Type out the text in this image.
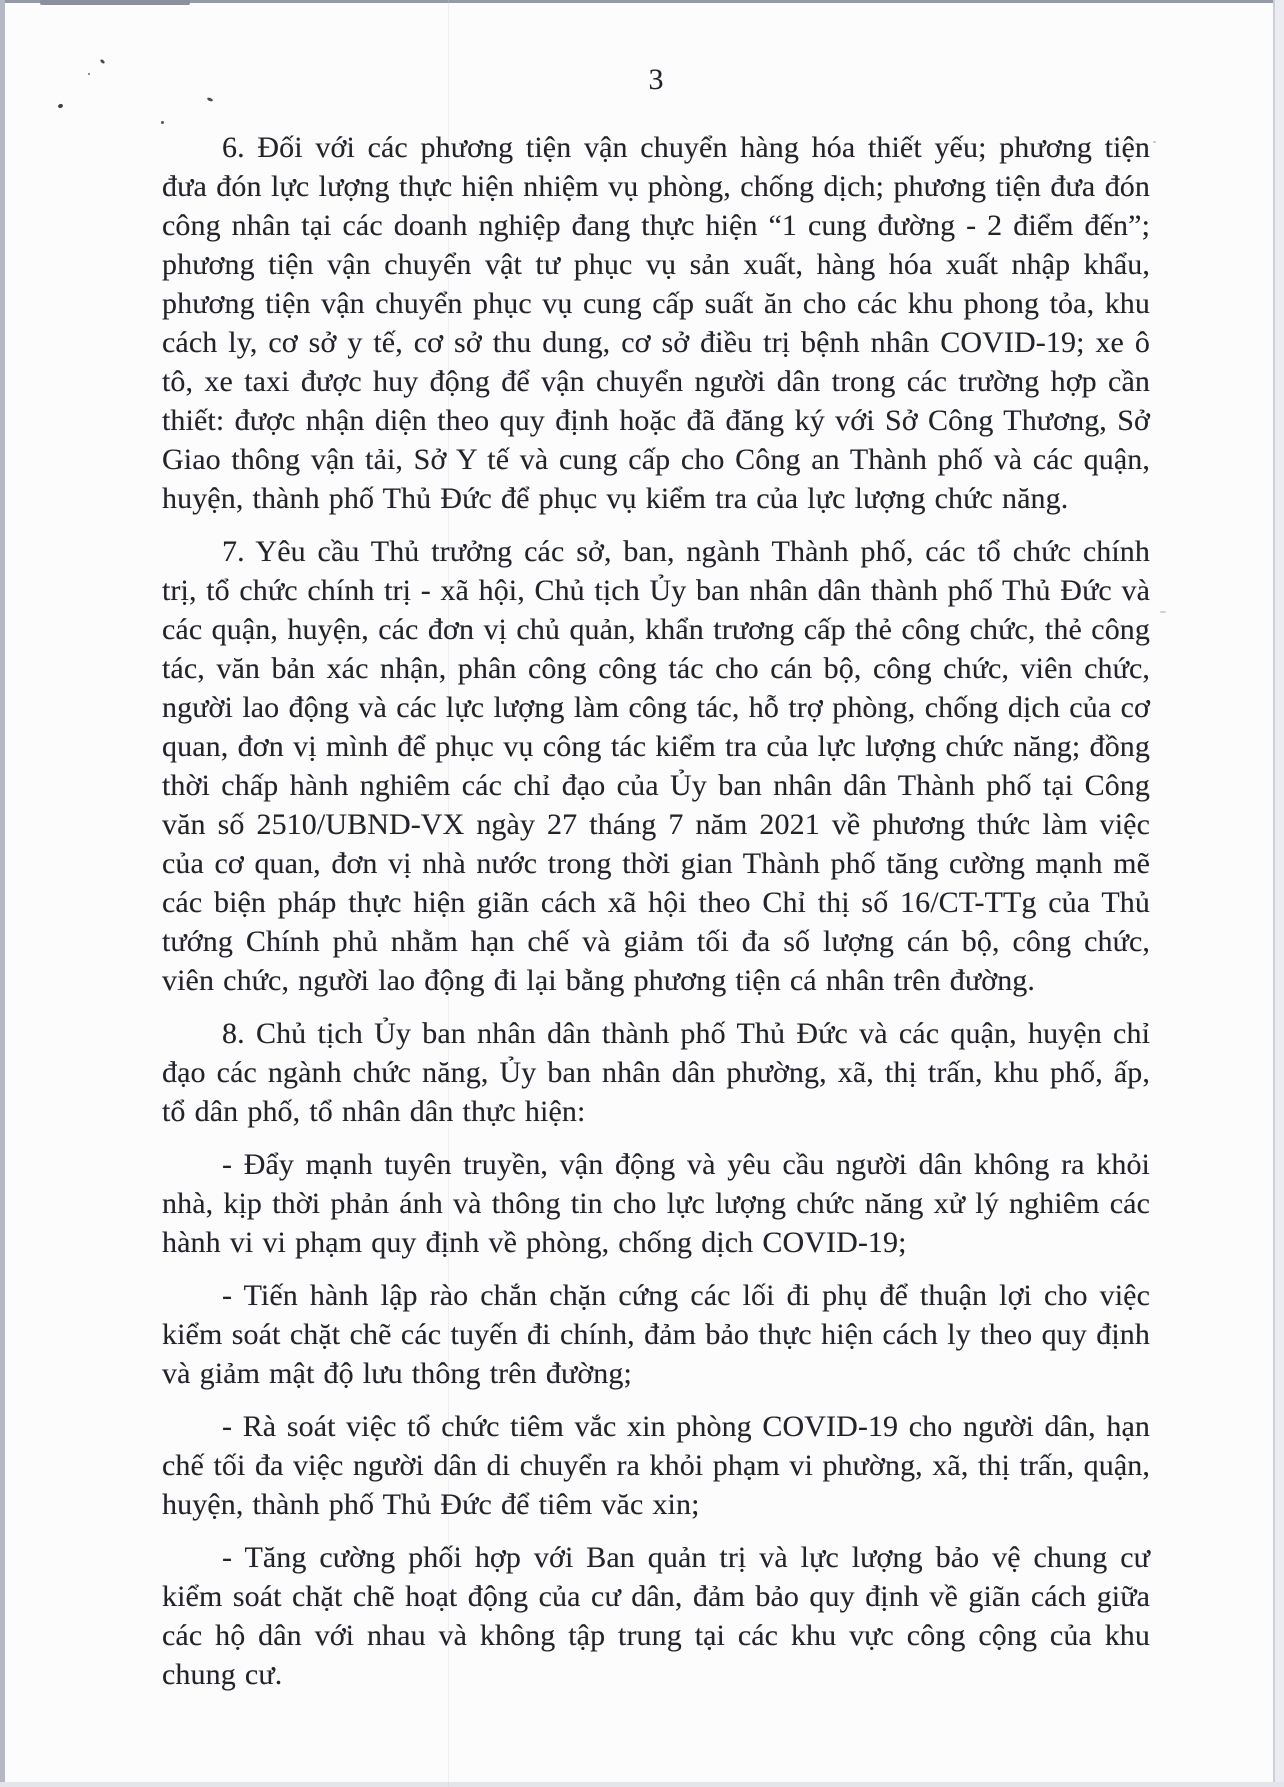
3

6. Đối với các phương tiện vận chuyển hàng hóa thiết yếu; phương tiện đưa đón lực lượng thực hiện nhiệm vụ phòng, chống dịch; phương tiện đưa đón công nhân tại các doanh nghiệp đang thực hiện “1 cung đường - 2 điểm đến”; phương tiện vận chuyển vật tư phục vụ sản xuất, hàng hóa xuất nhập khẩu, phương tiện vận chuyển phục vụ cung cấp suất ăn cho các khu phong tỏa, khu cách ly, cơ sở y tế, cơ sở thu dung, cơ sở điều trị bệnh nhân COVID-19; xe ô tô, xe taxi được huy động để vận chuyển người dân trong các trường hợp cần thiết: được nhận diện theo quy định hoặc đã đăng ký với Sở Công Thương, Sở Giao thông vận tải, Sở Y tế và cung cấp cho Công an Thành phố và các quận, huyện, thành phố Thủ Đức để phục vụ kiểm tra của lực lượng chức năng.

7. Yêu cầu Thủ trưởng các sở, ban, ngành Thành phố, các tổ chức chính trị, tổ chức chính trị - xã hội, Chủ tịch Ủy ban nhân dân thành phố Thủ Đức và các quận, huyện, các đơn vị chủ quản, khẩn trương cấp thẻ công chức, thẻ công tác, văn bản xác nhận, phân công công tác cho cán bộ, công chức, viên chức, người lao động và các lực lượng làm công tác, hỗ trợ phòng, chống dịch của cơ quan, đơn vị mình để phục vụ công tác kiểm tra của lực lượng chức năng; đồng thời chấp hành nghiêm các chỉ đạo của Ủy ban nhân dân Thành phố tại Công văn số 2510/UBND-VX ngày 27 tháng 7 năm 2021 về phương thức làm việc của cơ quan, đơn vị nhà nước trong thời gian Thành phố tăng cường mạnh mẽ các biện pháp thực hiện giãn cách xã hội theo Chỉ thị số 16/CT-TTg của Thủ tướng Chính phủ nhằm hạn chế và giảm tối đa số lượng cán bộ, công chức, viên chức, người lao động đi lại bằng phương tiện cá nhân trên đường.

8. Chủ tịch Ủy ban nhân dân thành phố Thủ Đức và các quận, huyện chỉ đạo các ngành chức năng, Ủy ban nhân dân phường, xã, thị trấn, khu phố, ấp, tổ dân phố, tổ nhân dân thực hiện:

- Đẩy mạnh tuyên truyền, vận động và yêu cầu người dân không ra khỏi nhà, kịp thời phản ánh và thông tin cho lực lượng chức năng xử lý nghiêm các hành vi vi phạm quy định về phòng, chống dịch COVID-19;

- Tiến hành lập rào chắn chặn cứng các lối đi phụ để thuận lợi cho việc kiểm soát chặt chẽ các tuyến đi chính, đảm bảo thực hiện cách ly theo quy định và giảm mật độ lưu thông trên đường;

- Rà soát việc tổ chức tiêm vắc xin phòng COVID-19 cho người dân, hạn chế tối đa việc người dân di chuyển ra khỏi phạm vi phường, xã, thị trấn, quận, huyện, thành phố Thủ Đức để tiêm văc xin;

- Tăng cường phối hợp với Ban quản trị và lực lượng bảo vệ chung cư kiểm soát chặt chẽ hoạt động của cư dân, đảm bảo quy định về giãn cách giữa các hộ dân với nhau và không tập trung tại các khu vực công cộng của khu chung cư.
